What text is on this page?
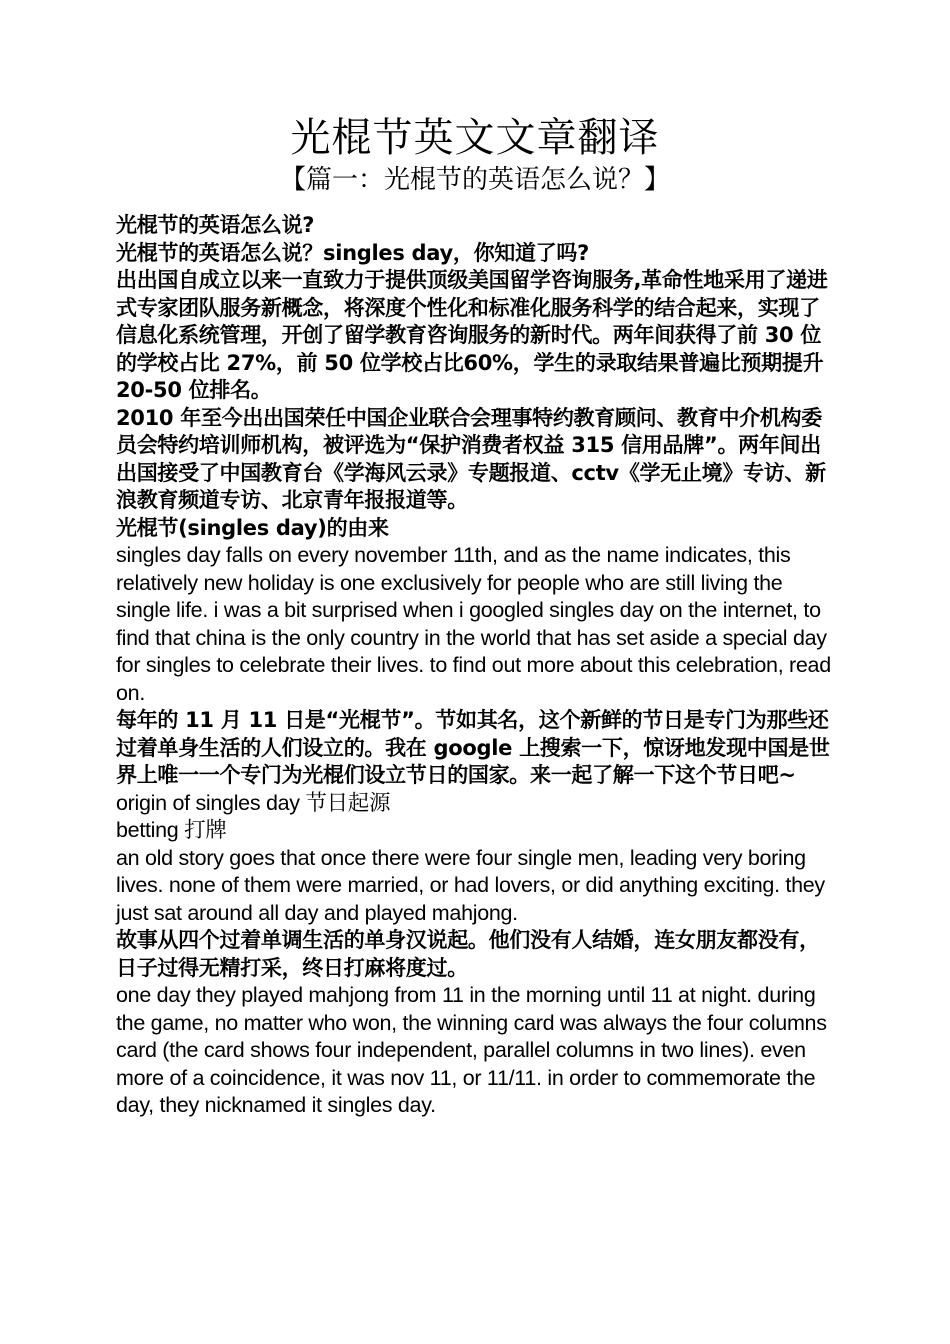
光棍节英文文章翻译
【篇一：光棍节的英语怎么说？】

光棍节的英语怎么说?

光棍节的英语怎么说？singles day，你知道了吗?

出出国自成立以来一直致力于提供顶级美国留学咨询服务,革命性地采用了递进式专家团队服务新概念，将深度个性化和标准化服务科学的结合起来，实现了信息化系统管理，开创了留学教育咨询服务的新时代。两年间获得了前 30 位的学校占比 27%，前 50 位学校占比60%，学生的录取结果普遍比预期提升 20-50 位排名。

2010 年至今出出国荣任中国企业联合会理事特约教育顾问、教育中介机构委员会特约培训师机构，被评选为“保护消费者权益 315 信用品牌”。两年间出出国接受了中国教育台《学海风云录》专题报道、cctv《学无止境》专访、新浪教育频道专访、北京青年报报道等。

光棍节(singles day)的由来

singles day falls on every november 11th, and as the name indicates, this relatively new holiday is one exclusively for people who are still living the single life. i was a bit surprised when i googled singles day on the internet, to find that china is the only country in the world that has set aside a special day for singles to celebrate their lives. to find out more about this celebration, read on.

每年的 11 月 11 日是“光棍节”。节如其名，这个新鲜的节日是专门为那些还过着单身生活的人们设立的。我在 google 上搜索一下，惊讶地发现中国是世界上唯一一个专门为光棍们设立节日的国家。来一起了解一下这个节日吧~

origin of singles day 节日起源

betting 打牌

an old story goes that once there were four single men, leading very boring lives. none of them were married, or had lovers, or did anything exciting. they just sat around all day and played mahjong.

故事从四个过着单调生活的单身汉说起。他们没有人结婚，连女朋友都没有，日子过得无精打采，终日打麻将度过。

one day they played mahjong from 11 in the morning until 11 at night. during the game, no matter who won, the winning card was always the four columns card (the card shows four independent, parallel columns in two lines). even more of a coincidence, it was nov 11, or 11/11. in order to commemorate the day, they nicknamed it singles day.
